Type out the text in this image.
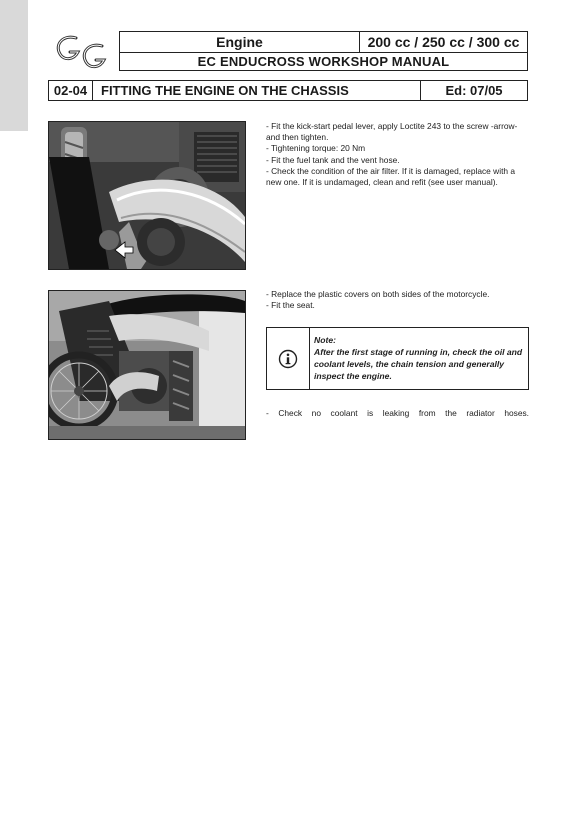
Engine	200 cc / 250 cc / 300 cc
EC ENDUCROSS WORKSHOP MANUAL
02-04	FITTING THE ENGINE ON THE CHASSIS	Ed: 07/05

- Fit the kick-start pedal lever, apply Loctite 243 to the screw -arrow- and then tighten.

- Tightening torque: 20 Nm

- Fit the fuel tank and the vent hose.

- Check the condition of the air filter. If it is damaged, replace with a new one. If it is undamaged, clean and refit (see user manual).

- Replace the plastic covers on both sides of the motorcycle.

- Fit the seat.

Note:
After the first stage of running in, check the oil and coolant levels, the chain tension and generally inspect the engine.

- Check no coolant is leaking from the radiator hoses.
